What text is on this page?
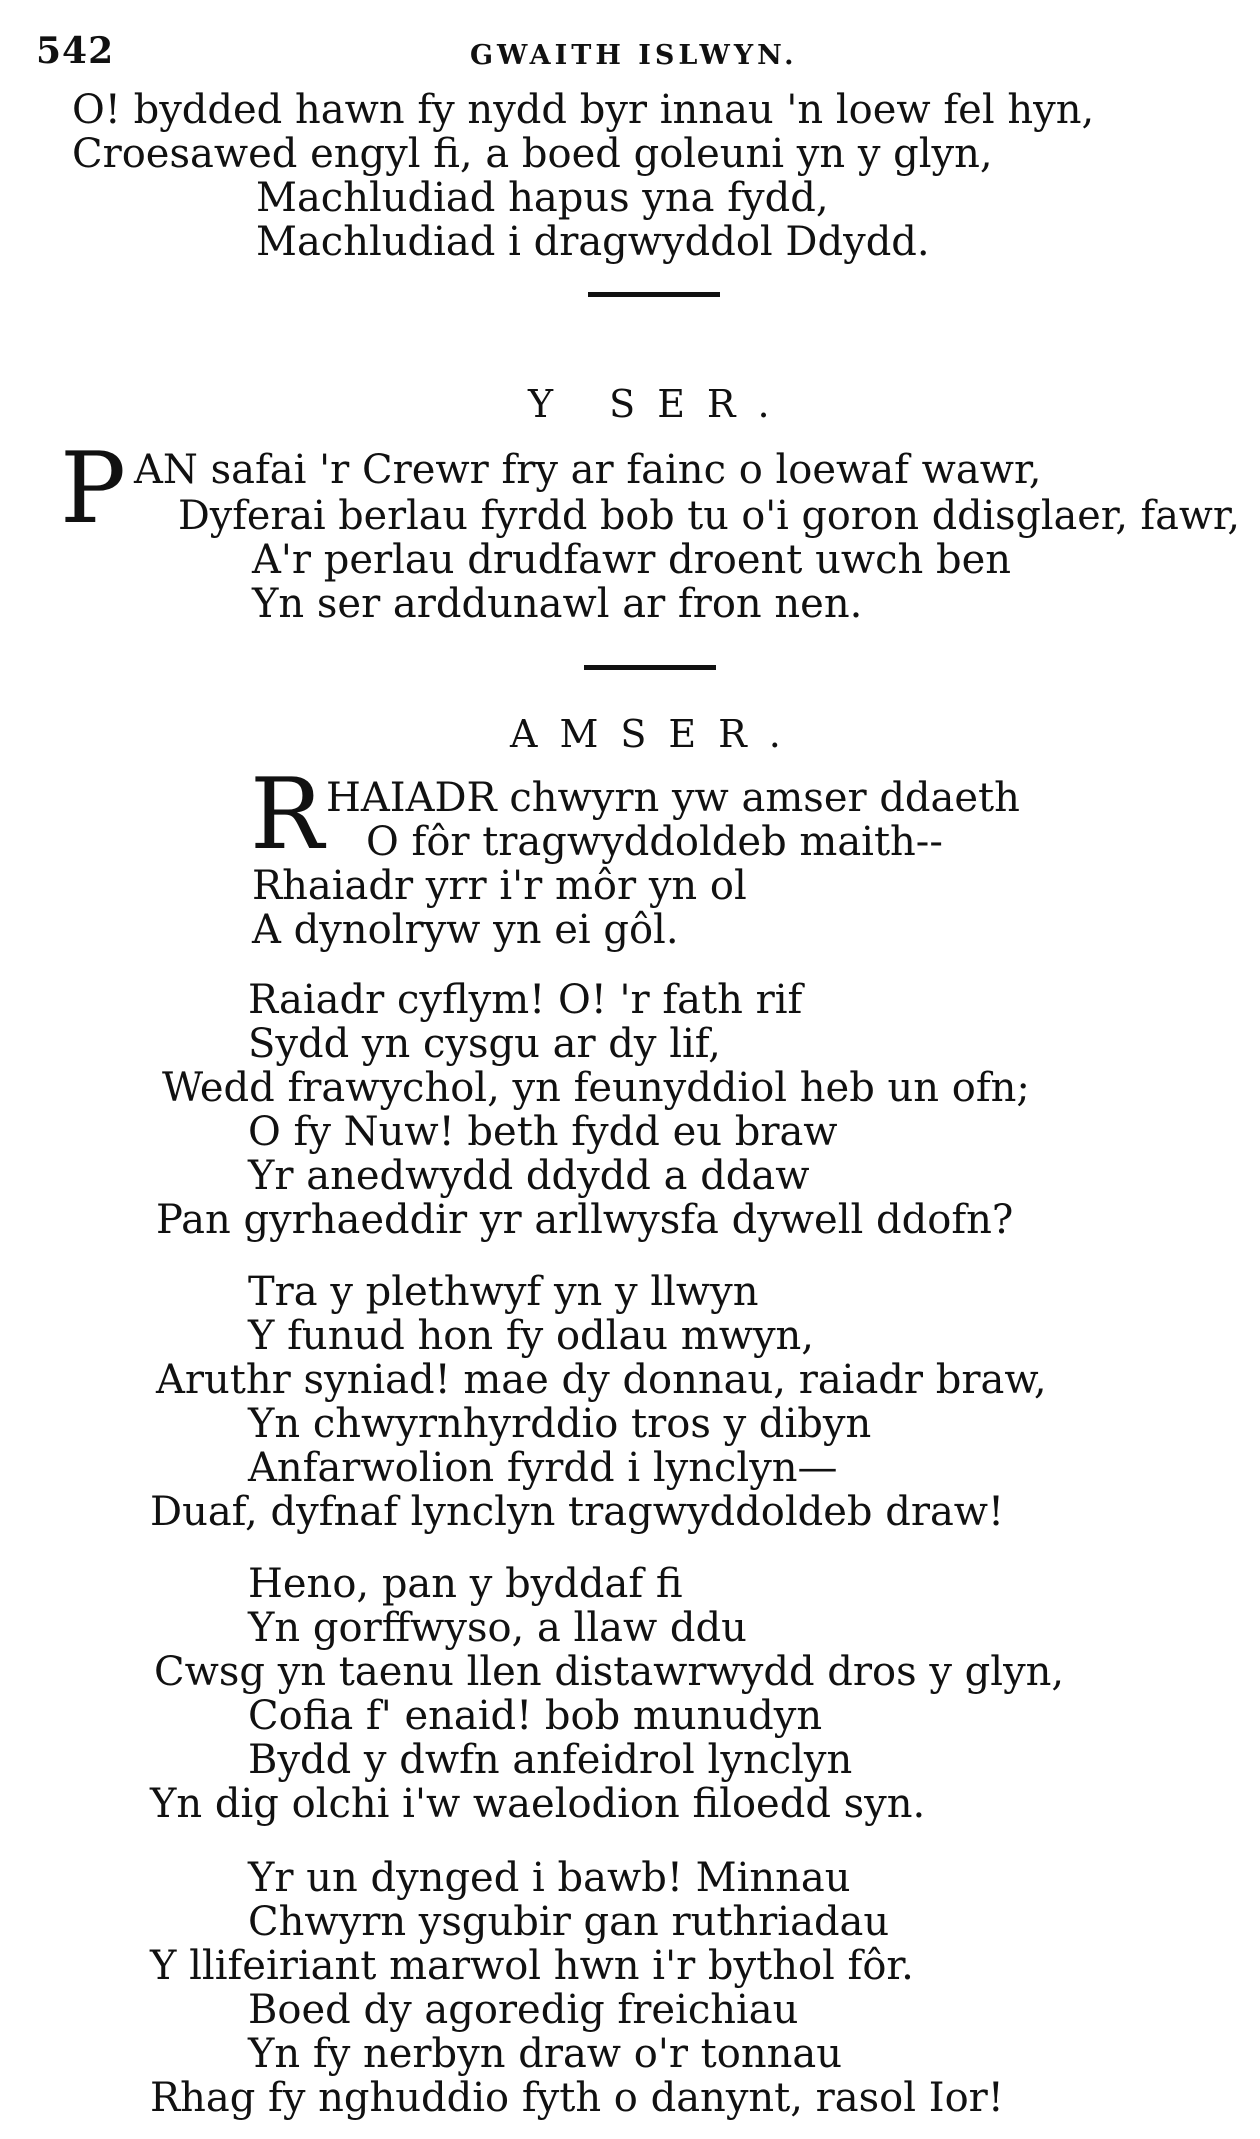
542	GWAITH ISLWYN.
O! bydded hawn fy nydd byr innau 'n loew fel hyn,
Croesawed engyl fi, a boed goleuni yn y glyn,
Machludiad hapus yna fydd,
Machludiad i dragwyddol Ddydd.
Y SER.
P AN safai 'r Crewr fry ar fainc o loewaf wawr,
Dyferai berlau fyrdd bob tu o'i goron ddisglaer, fawr,
A'r perlau drudfawr droent uwch ben
Yn ser arddunawl ar fron nen.
AMSER.
R HAIADR chwyrn yw amser ddaeth
O fôr tragwyddoldeb maith--
Rhaiadr yrr i'r môr yn ol
A dynolryw yn ei gôl.
Raiadr cyflym! O! 'r fath rif
Sydd yn cysgu ar dy lif,
Wedd frawychol, yn feunyddiol heb un ofn;
O fy Nuw! beth fydd eu braw
Yr anedwydd ddydd a ddaw
Pan gyrhaeddir yr arllwysfa dywell ddofn?
Tra y plethwyf yn y llwyn
Y funud hon fy odlau mwyn,
Aruthr syniad! mae dy donnau, raiadr braw,
Yn chwyrnhyrddio tros y dibyn
Anfarwolion fyrdd i lynclyn—
Duaf, dyfnaf lynclyn tragwyddoldeb draw!
Heno, pan y byddaf fi
Yn gorffwyso, a llaw ddu
Cwsg yn taenu llen distawrwydd dros y glyn,
Cofia f' enaid! bob munudyn
Bydd y dwfn anfeidrol lynclyn
Yn dig olchi i'w waelodion filoedd syn.
Yr un dynged i bawb! Minnau
Chwyrn ysgubir gan ruthriadau
Y llifeiriant marwol hwn i'r bythol fôr.
Boed dy agoredig freichiau
Yn fy nerbyn draw o'r tonnau
Rhag fy nghuddio fyth o danynt, rasol Ior!
